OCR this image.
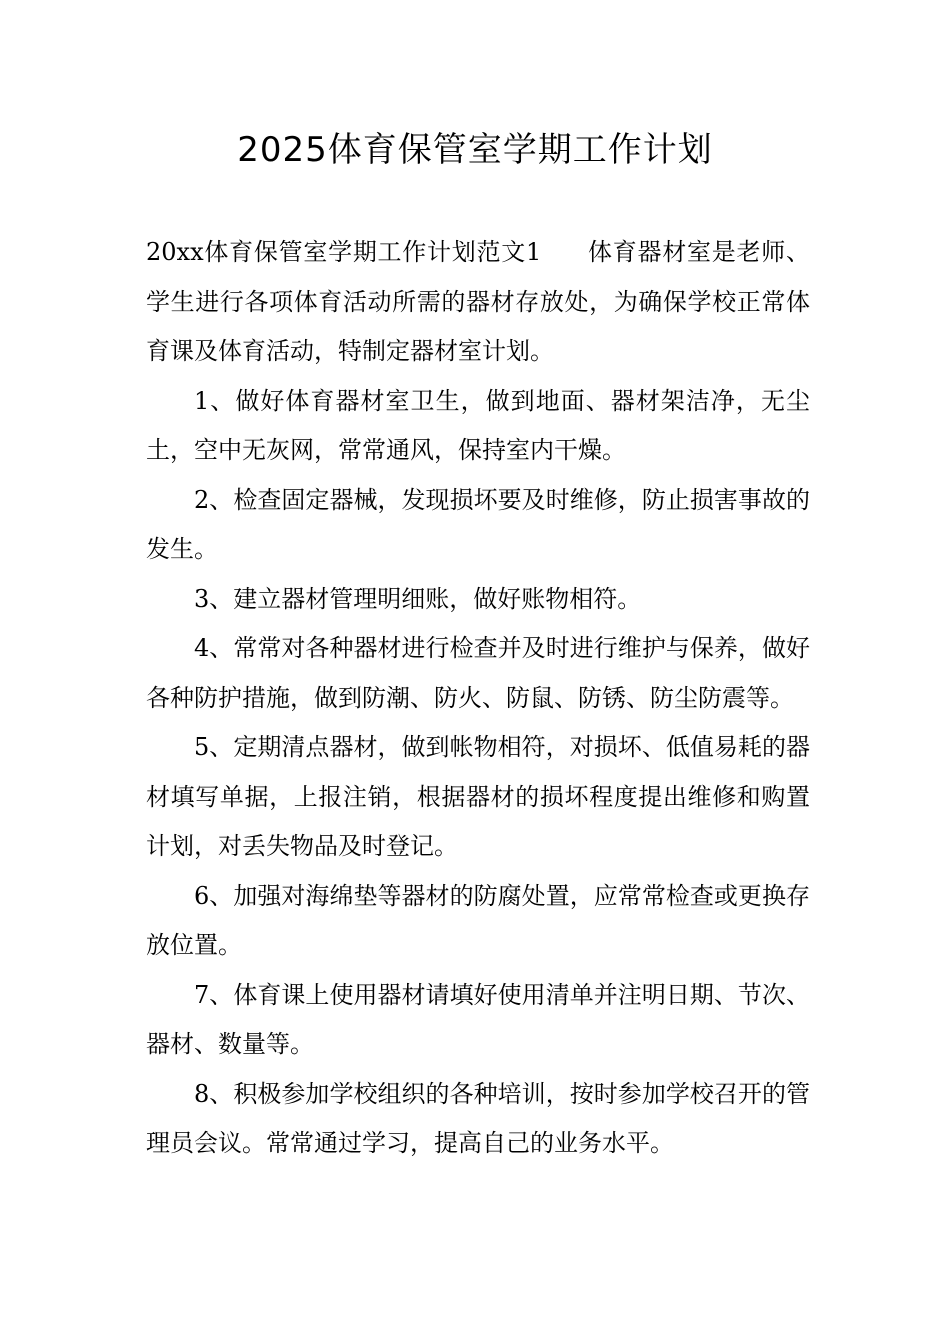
2025体育保管室学期工作计划

20xx体育保管室学期工作计划范文1 体育器材室是老师、学生进行各项体育活动所需的器材存放处，为确保学校正常体育课及体育活动，特制定器材室计划。

1、做好体育器材室卫生，做到地面、器材架洁净，无尘土，空中无灰网，常常通风，保持室内干燥。

2、检查固定器械，发现损坏要及时维修，防止损害事故的发生。

3、建立器材管理明细账，做好账物相符。

4、常常对各种器材进行检查并及时进行维护与保养，做好各种防护措施，做到防潮、防火、防鼠、防锈、防尘防震等。

5、定期清点器材，做到帐物相符，对损坏、低值易耗的器材填写单据，上报注销，根据器材的损坏程度提出维修和购置计划，对丢失物品及时登记。

6、加强对海绵垫等器材的防腐处置，应常常检查或更换存放位置。

7、体育课上使用器材请填好使用清单并注明日期、节次、器材、数量等。

8、积极参加学校组织的各种培训，按时参加学校召开的管理员会议。常常通过学习，提高自己的业务水平。
